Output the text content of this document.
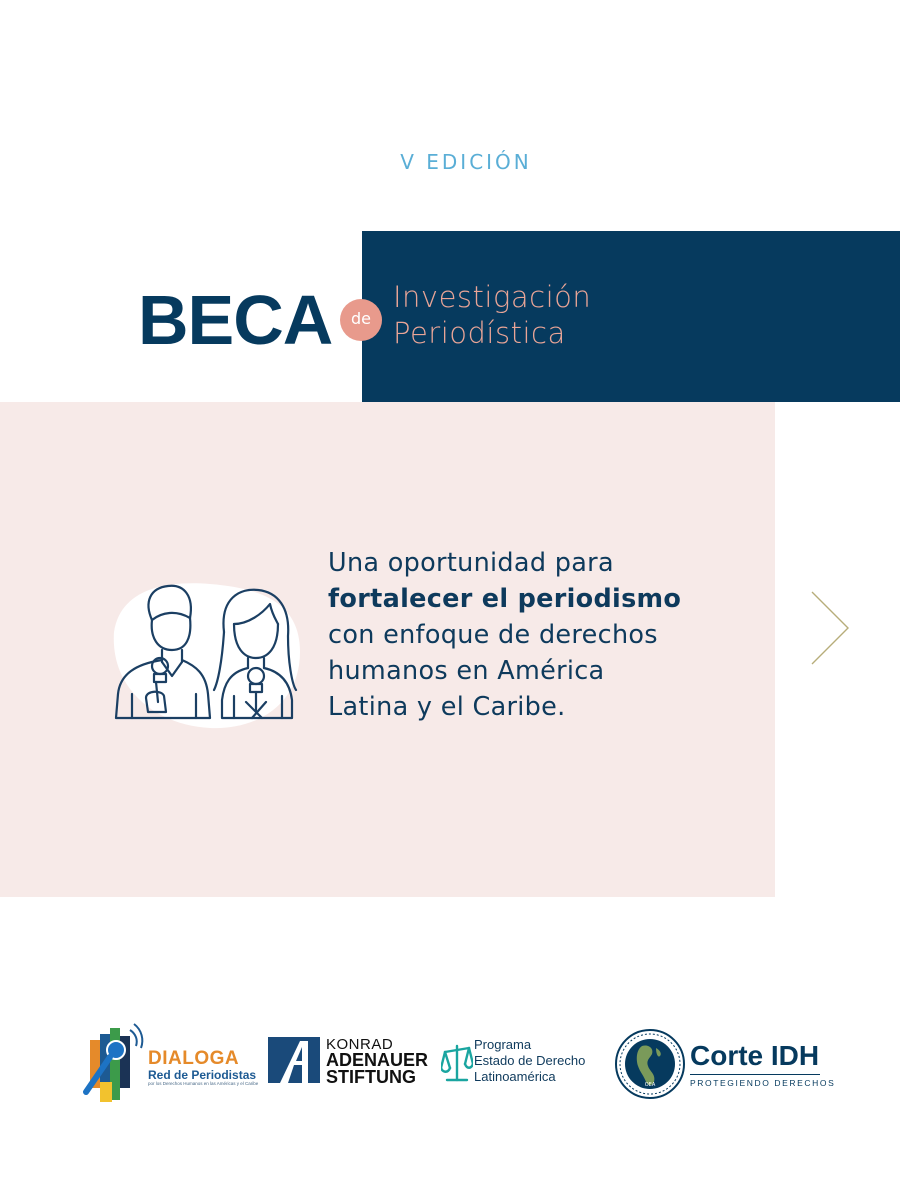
V EDICIÓN
BECA	de
Investigación
Periodística
Una oportunidad para
fortalecer el periodismo
con enfoque de derechos
humanos en América
Latina y el Caribe.
DIALOGA
Red de Periodistas
por los Derechos Humanos en las Américas y el Caribe
KONRAD
ADENAUER
STIFTUNG
Programa
Estado de Derecho
Latinoamérica
OEA
Corte IDH
PROTEGIENDO DERECHOS
